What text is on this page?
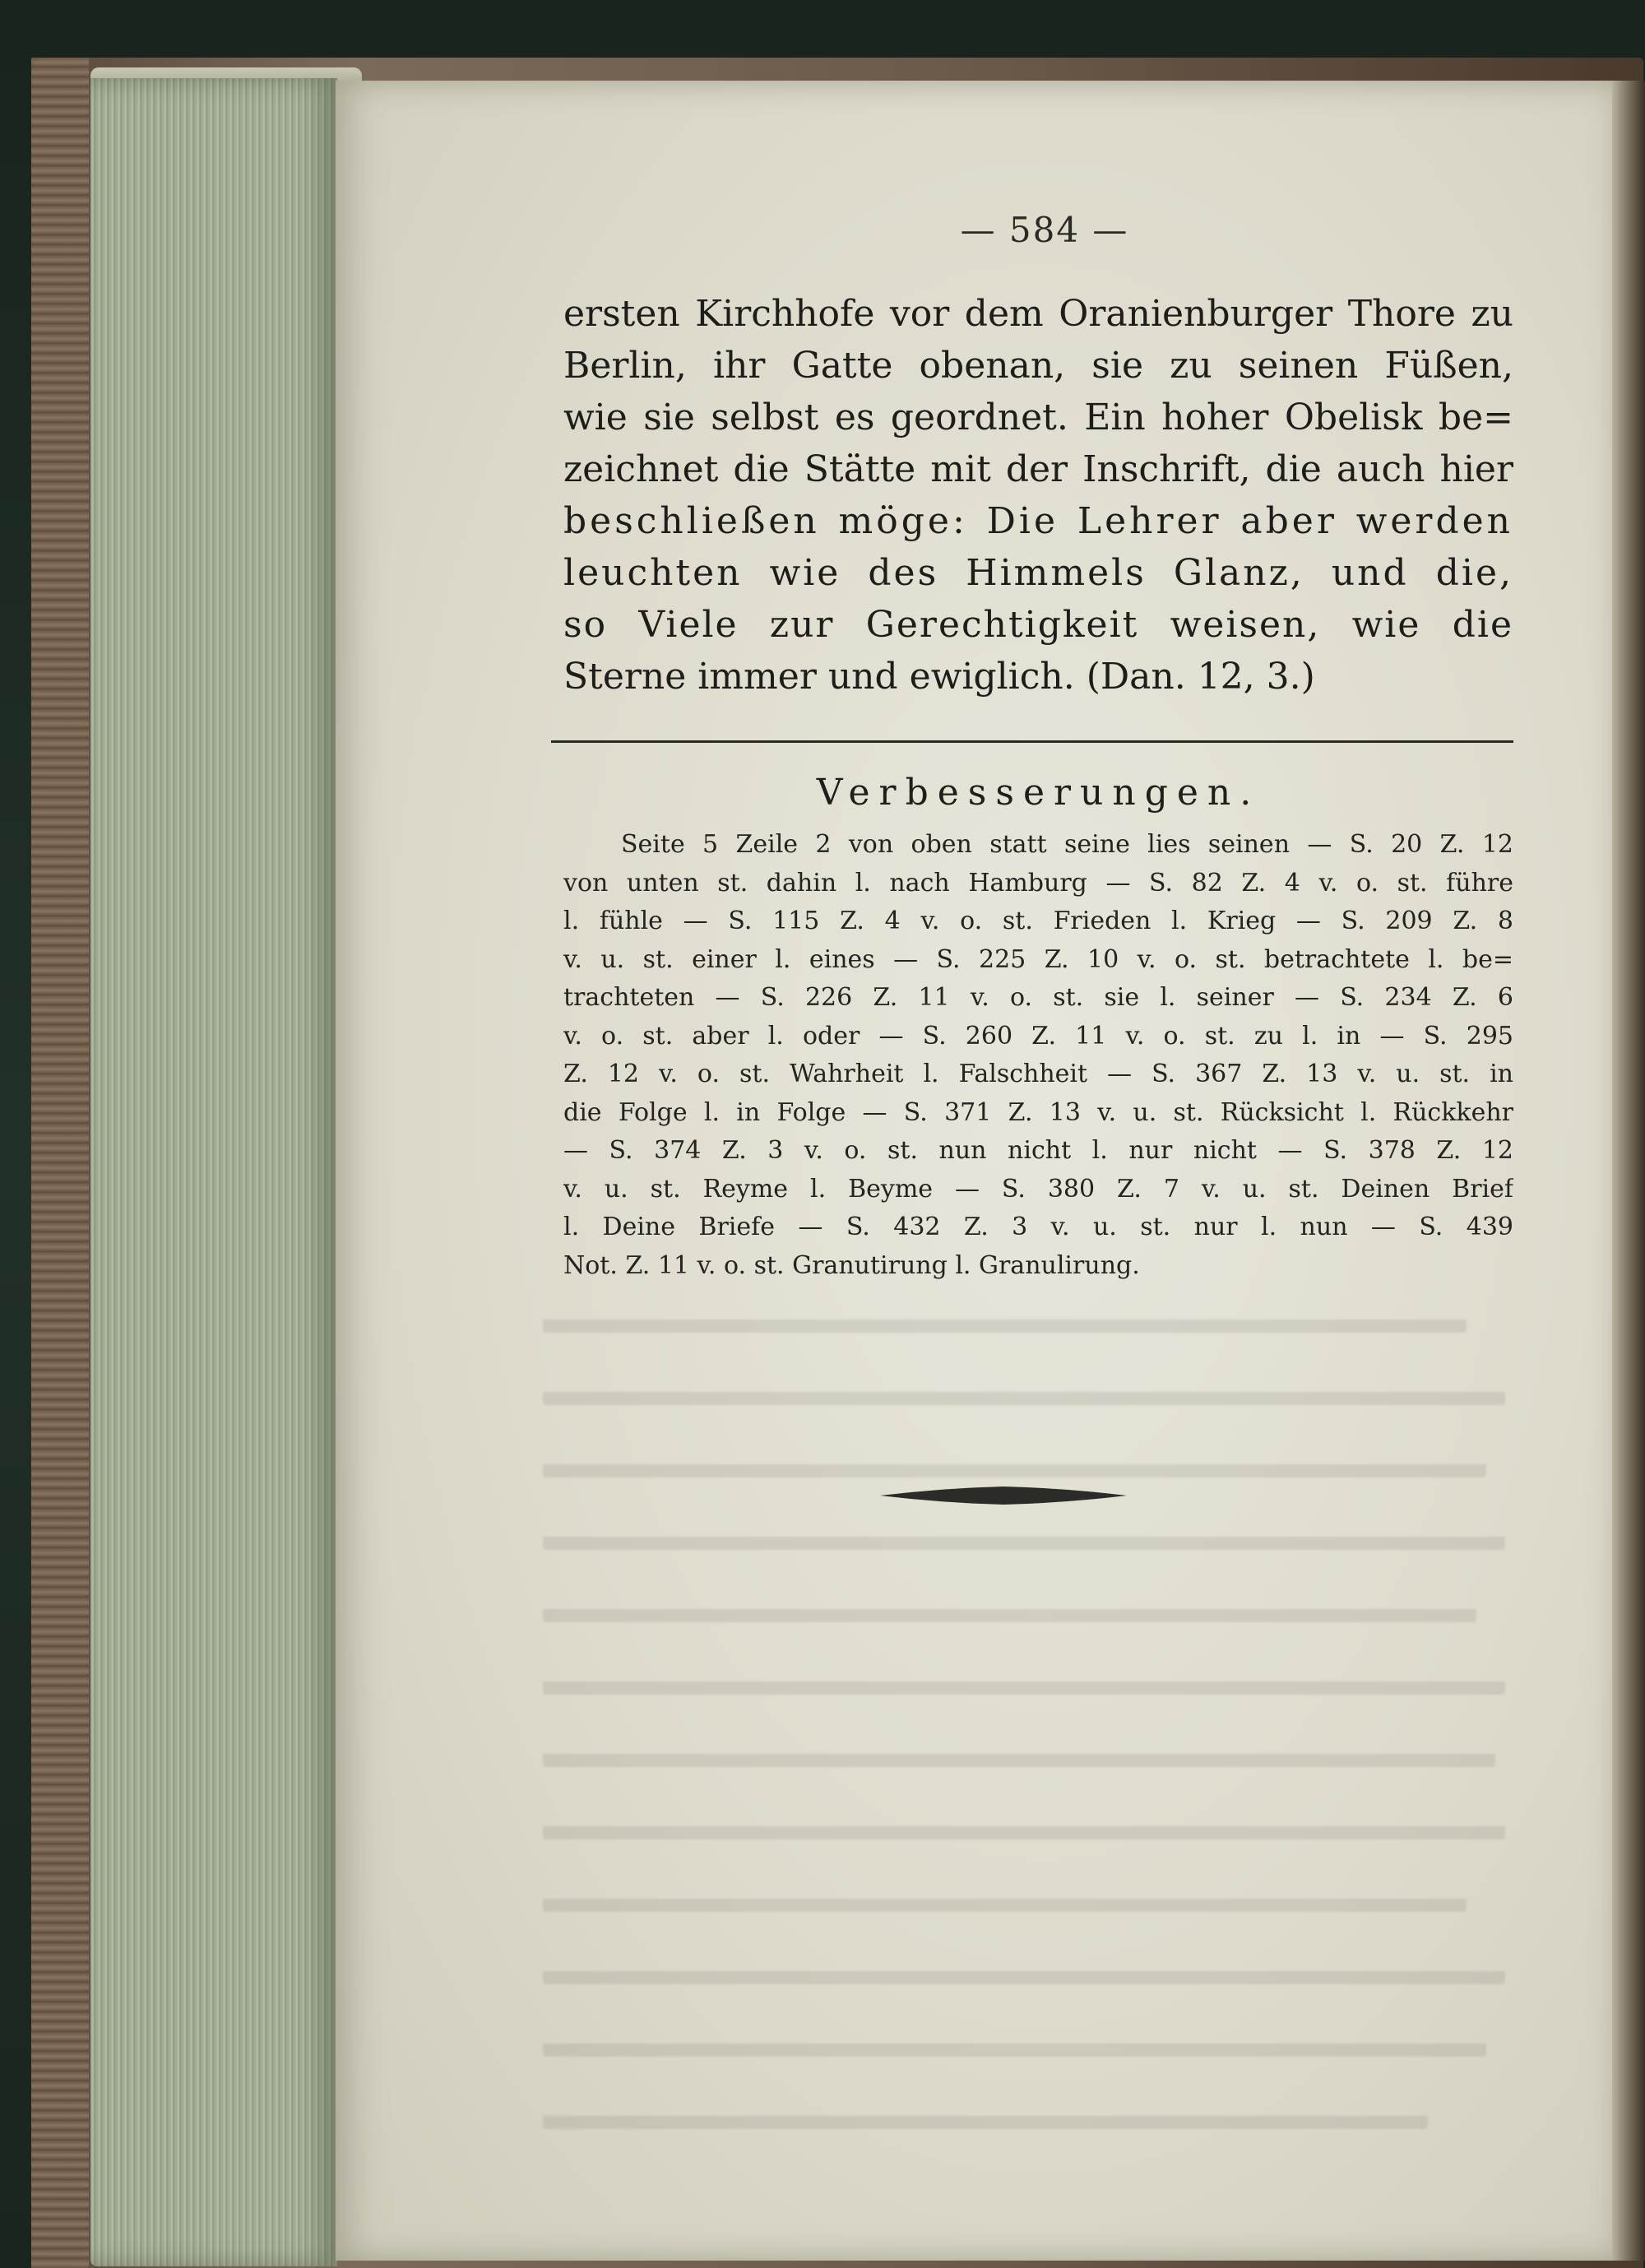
— 584 —
ersten Kirchhofe vor dem Oranienburger Thore zu
Berlin, ihr Gatte obenan, sie zu seinen Füßen,
wie sie selbst es geordnet. Ein hoher Obelisk be=
zeichnet die Stätte mit der Inschrift, die auch hier
beschließen möge: Die Lehrer aber werden
leuchten wie des Himmels Glanz, und die,
so Viele zur Gerechtigkeit weisen, wie die
Sterne immer und ewiglich. (Dan. 12, 3.)
Verbesserungen.
Seite 5 Zeile 2 von oben statt seine lies seinen — S. 20 Z. 12
von unten st. dahin l. nach Hamburg — S. 82 Z. 4 v. o. st. führe
l. fühle — S. 115 Z. 4 v. o. st. Frieden l. Krieg — S. 209 Z. 8
v. u. st. einer l. eines — S. 225 Z. 10 v. o. st. betrachtete l. be=
trachteten — S. 226 Z. 11 v. o. st. sie l. seiner — S. 234 Z. 6
v. o. st. aber l. oder — S. 260 Z. 11 v. o. st. zu l. in — S. 295
Z. 12 v. o. st. Wahrheit l. Falschheit — S. 367 Z. 13 v. u. st. in
die Folge l. in Folge — S. 371 Z. 13 v. u. st. Rücksicht l. Rückkehr
— S. 374 Z. 3 v. o. st. nun nicht l. nur nicht — S. 378 Z. 12
v. u. st. Reyme l. Beyme — S. 380 Z. 7 v. u. st. Deinen Brief
l. Deine Briefe — S. 432 Z. 3 v. u. st. nur l. nun — S. 439
Not. Z. 11 v. o. st. Granutirung l. Granulirung.
